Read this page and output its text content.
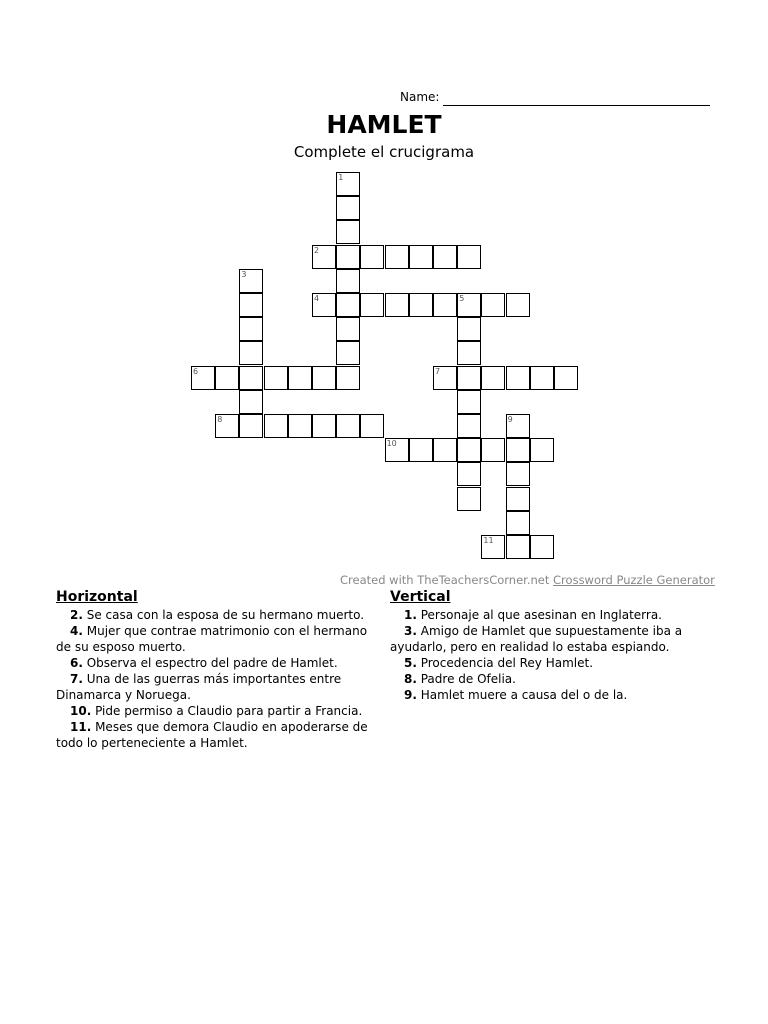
Name:
HAMLET
Complete el crucigrama
1
2
3
4	5
6	7
8	9
10
11
Created with TheTeachersCorner.net Crossword Puzzle Generator
Horizontal
2. Se casa con la esposa de su hermano muerto.
4. Mujer que contrae matrimonio con el hermano de su esposo muerto.
6. Observa el espectro del padre de Hamlet.
7. Una de las guerras más importantes entre Dinamarca y Noruega.
10. Pide permiso a Claudio para partir a Francia.
11. Meses que demora Claudio en apoderarse de todo lo perteneciente a Hamlet.
Vertical
1. Personaje al que asesinan en Inglaterra.
3. Amigo de Hamlet que supuestamente iba a ayudarlo, pero en realidad lo estaba espiando.
5. Procedencia del Rey Hamlet.
8. Padre de Ofelia.
9. Hamlet muere a causa del o de la.
